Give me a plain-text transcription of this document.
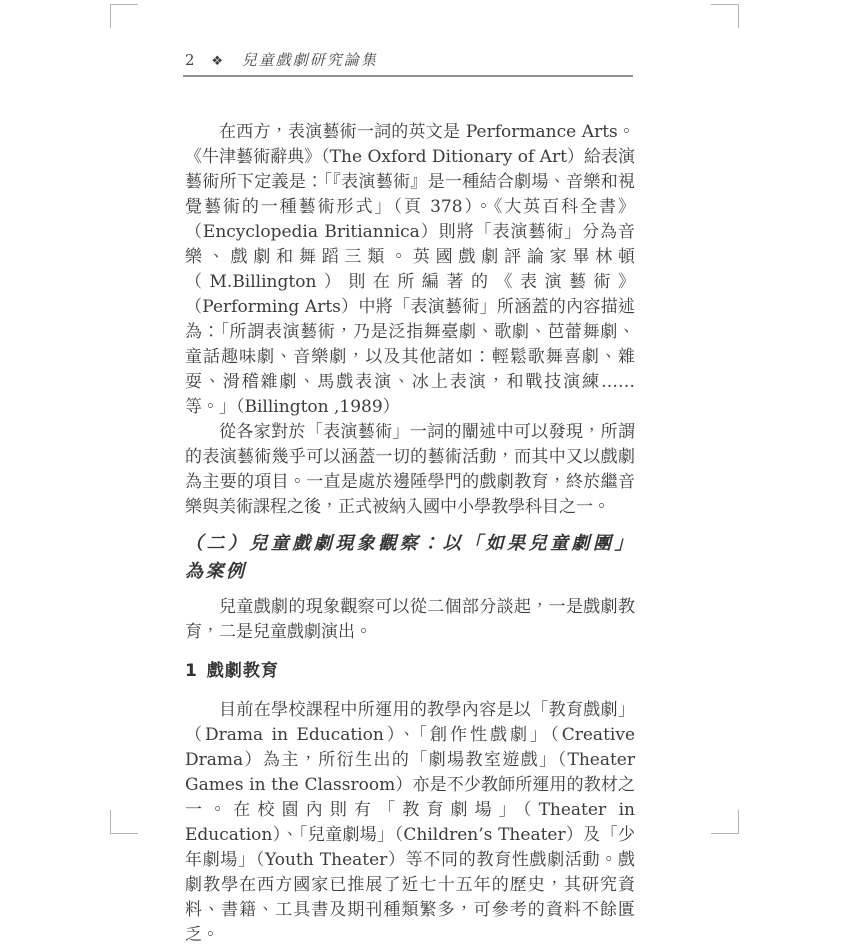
2 ❖ 兒童戲劇研究論集

在西方，表演藝術一詞的英文是 Performance Arts。《牛津藝術辭典》（The Oxford Ditionary of Art）給表演藝術所下定義是：「『表演藝術』是一種結合劇場、音樂和視覺藝術的一種藝術形式」（頁 378）。《大英百科全書》（Encyclopedia Britiannica）則將「表演藝術」分為音樂、戲劇和舞蹈三類。英國戲劇評論家畢林頓（M.Billington）則在所編著的《表演藝術》（Performing Arts）中將「表演藝術」所涵蓋的內容描述為：「所謂表演藝術，乃是泛指舞臺劇、歌劇、芭蕾舞劇、童話趣味劇、音樂劇，以及其他諸如：輕鬆歌舞喜劇、雜耍、滑稽雜劇、馬戲表演、冰上表演，和戰技演練……等。」（Billington ,1989）

從各家對於「表演藝術」一詞的闡述中可以發現，所謂的表演藝術幾乎可以涵蓋一切的藝術活動，而其中又以戲劇為主要的項目。一直是處於邊陲學門的戲劇教育，終於繼音樂與美術課程之後，正式被納入國中小學教學科目之一。

（二）兒童戲劇現象觀察：以「如果兒童劇團」為案例

兒童戲劇的現象觀察可以從二個部分談起，一是戲劇教育，二是兒童戲劇演出。

1 戲劇教育

目前在學校課程中所運用的教學內容是以「教育戲劇」（Drama in Education）、「創作性戲劇」（Creative Drama）為主，所衍生出的「劇場教室遊戲」（Theater Games in the Classroom）亦是不少教師所運用的教材之一。在校園內則有「教育劇場」（Theater in Education）、「兒童劇場」（Children’s Theater）及「少年劇場」（Youth Theater）等不同的教育性戲劇活動。戲劇教學在西方國家已推展了近七十五年的歷史，其研究資料、書籍、工具書及期刊種類繁多，可參考的資料不餘匱乏。
